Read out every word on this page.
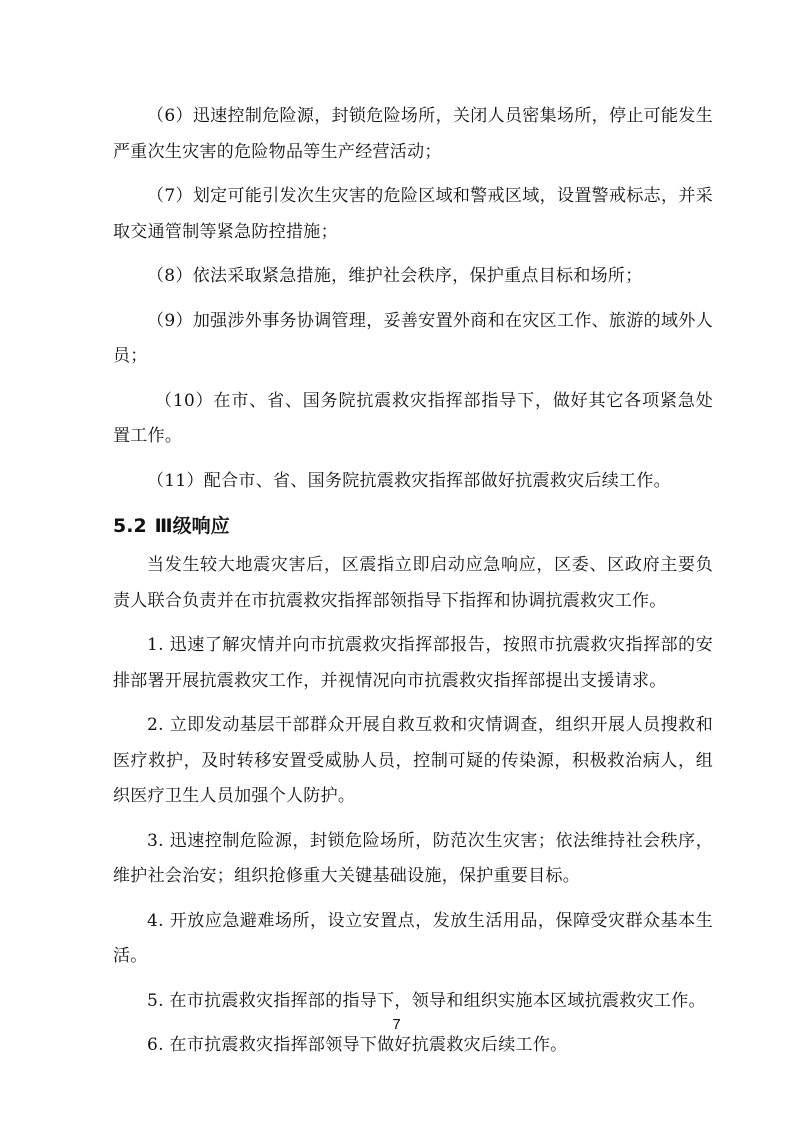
（6）迅速控制危险源，封锁危险场所，关闭人员密集场所，停止可能发生严重次生灾害的危险物品等生产经营活动；

（7）划定可能引发次生灾害的危险区域和警戒区域，设置警戒标志，并采取交通管制等紧急防控措施；

（8）依法采取紧急措施，维护社会秩序，保护重点目标和场所；

（9）加强涉外事务协调管理，妥善安置外商和在灾区工作、旅游的域外人员；

（10）在市、省、国务院抗震救灾指挥部指导下，做好其它各项紧急处置工作。

（11）配合市、省、国务院抗震救灾指挥部做好抗震救灾后续工作。

5.2 Ⅲ级响应

当发生较大地震灾害后，区震指立即启动应急响应，区委、区政府主要负责人联合负责并在市抗震救灾指挥部领指导下指挥和协调抗震救灾工作。

1. 迅速了解灾情并向市抗震救灾指挥部报告，按照市抗震救灾指挥部的安排部署开展抗震救灾工作，并视情况向市抗震救灾指挥部提出支援请求。

2. 立即发动基层干部群众开展自救互救和灾情调查，组织开展人员搜救和医疗救护，及时转移安置受威胁人员，控制可疑的传染源，积极救治病人，组织医疗卫生人员加强个人防护。

3. 迅速控制危险源，封锁危险场所，防范次生灾害；依法维持社会秩序，维护社会治安；组织抢修重大关键基础设施，保护重要目标。

4. 开放应急避难场所，设立安置点，发放生活用品，保障受灾群众基本生活。

5. 在市抗震救灾指挥部的指导下，领导和组织实施本区域抗震救灾工作。

6. 在市抗震救灾指挥部领导下做好抗震救灾后续工作。

7
